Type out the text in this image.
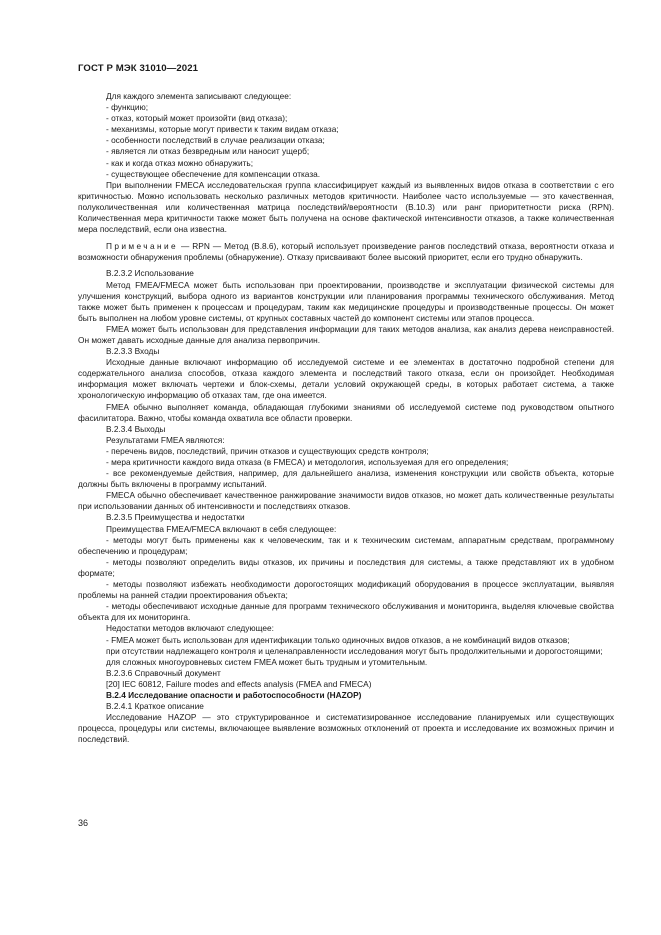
ГОСТ Р МЭК 31010—2021

Для каждого элемента записывают следующее:

- функцию;

- отказ, который может произойти (вид отказа);

- механизмы, которые могут привести к таким видам отказа;

- особенности последствий в случае реализации отказа;

- является ли отказ безвредным или наносит ущерб;

- как и когда отказ можно обнаружить;

- существующее обеспечение для компенсации отказа.

При выполнении FMECA исследовательская группа классифицирует каждый из выявленных видов отказа в соответствии с его критичностью. Можно использовать несколько различных методов критичности. Наиболее часто используемые — это качественная, полуколичественная или количественная матрица последствий/вероятности (В.10.3) или ранг приоритетности риска (RPN). Количественная мера критичности также может быть получена на основе фактической интенсивности отказов, а также количественная мера последствий, если она известна.

Примечание — RPN — Метод (В.8.6), который использует произведение рангов последствий отказа, вероятности отказа и возможности обнаружения проблемы (обнаружение). Отказу присваивают более высокий приоритет, если его трудно обнаружить.

В.2.3.2 Использование

Метод FMEA/FMECA может быть использован при проектировании, производстве и эксплуатации физической системы для улучшения конструкций, выбора одного из вариантов конструкции или планирования программы технического обслуживания. Метод также может быть применен к процессам и процедурам, таким как медицинские процедуры и производственные процессы. Он может быть выполнен на любом уровне системы, от крупных составных частей до компонент системы или этапов процесса.

FMEA может быть использован для представления информации для таких методов анализа, как анализ дерева неисправностей. Он может давать исходные данные для анализа первопричин.

В.2.3.3 Входы

Исходные данные включают информацию об исследуемой системе и ее элементах в достаточно подробной степени для содержательного анализа способов, отказа каждого элемента и последствий такого отказа, если он произойдет. Необходимая информация может включать чертежи и блок-схемы, детали условий окружающей среды, в которых работает система, а также хронологическую информацию об отказах там, где она имеется.

FMEA обычно выполняет команда, обладающая глубокими знаниями об исследуемой системе под руководством опытного фасилитатора. Важно, чтобы команда охватила все области проверки.

В.2.3.4 Выходы

Результатами FMEA являются:

- перечень видов, последствий, причин отказов и существующих средств контроля;

- мера критичности каждого вида отказа (в FMECA) и методология, используемая для его определения;

- все рекомендуемые действия, например, для дальнейшего анализа, изменения конструкции или свойств объекта, которые должны быть включены в программу испытаний.

FMECA обычно обеспечивает качественное ранжирование значимости видов отказов, но может дать количественные результаты при использовании данных об интенсивности и последствиях отказов.

В.2.3.5 Преимущества и недостатки

Преимущества FMEA/FMECA включают в себя следующее:

- методы могут быть применены как к человеческим, так и к техническим системам, аппаратным средствам, программному обеспечению и процедурам;

- методы позволяют определить виды отказов, их причины и последствия для системы, а также представляют их в удобном формате;

- методы позволяют избежать необходимости дорогостоящих модификаций оборудования в процессе эксплуатации, выявляя проблемы на ранней стадии проектирования объекта;

- методы обеспечивают исходные данные для программ технического обслуживания и мониторинга, выделяя ключевые свойства объекта для их мониторинга.

Недостатки методов включают следующее:

- FMEA может быть использован для идентификации только одиночных видов отказов, а не комбинаций видов отказов;

при отсутствии надлежащего контроля и целенаправленности исследования могут быть продолжительными и дорогостоящими;

для сложных многоуровневых систем FMEA может быть трудным и утомительным.

В.2.3.6 Справочный документ

[20] IEC 60812, Failure modes and effects analysis (FMEA and FMECA)

В.2.4 Исследование опасности и работоспособности (HAZOP)

В.2.4.1 Краткое описание

Исследование HAZOP — это структурированное и систематизированное исследование планируемых или существующих процесса, процедуры или системы, включающее выявление возможных отклонений от проекта и исследование их возможных причин и последствий.

36
